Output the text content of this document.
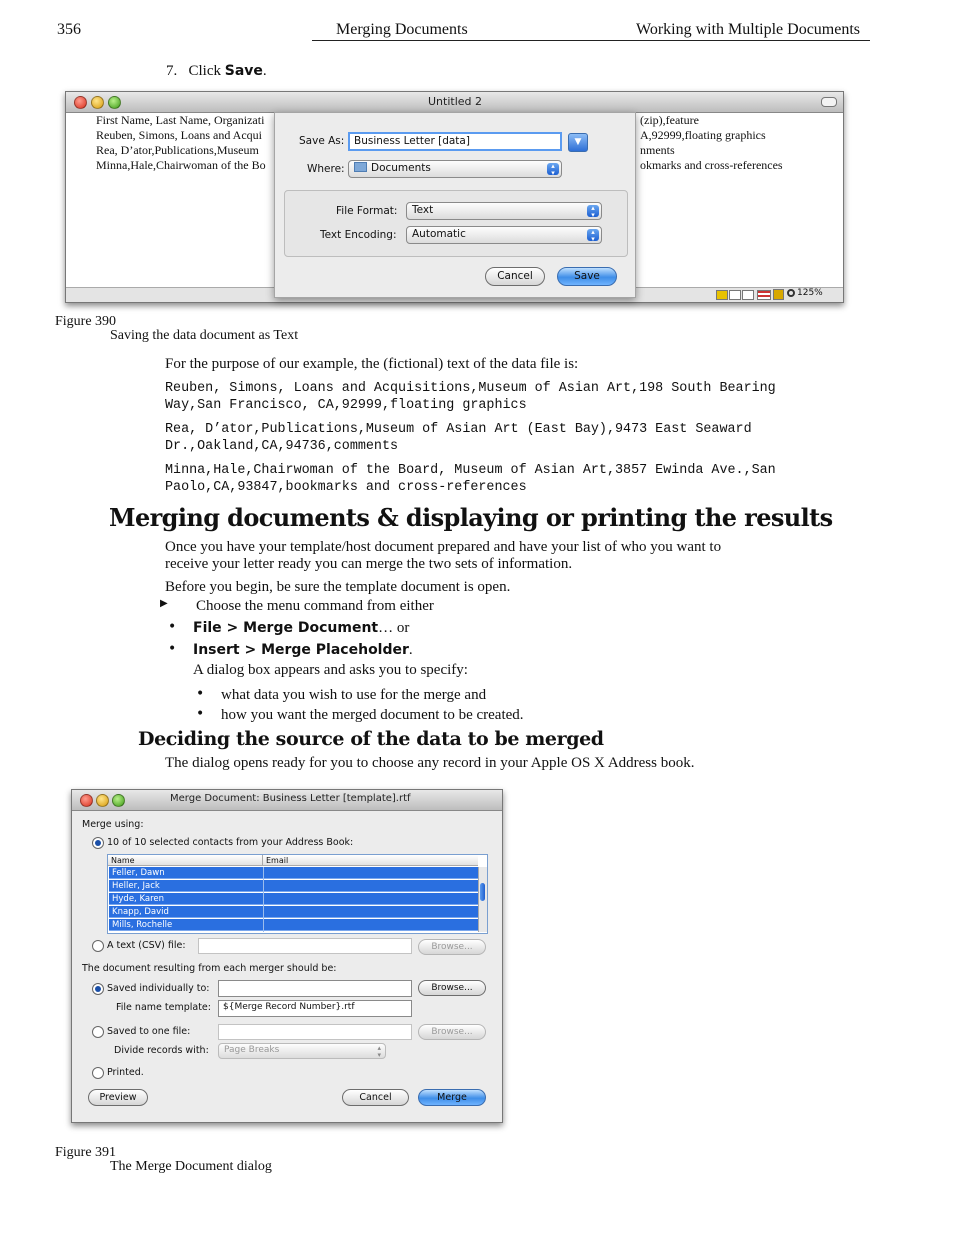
356	Merging Documents	Working with Multiple Documents
7. Click Save.
Untitled 2
First Name, Last Name, Organizati
Reuben, Simons, Loans and Acqui
Rea, D’ator,Publications,Museum
Minna,Hale,Chairwoman of the Bo
(zip),feature
A,92999,floating graphics
nments
okmarks and cross-references
125%
Save As: Business Letter [data]	▼
Where:	Documents	▴
▾
File Format:	Text	▴
▾
Text Encoding:	Automatic	▴
▾
Cancel	Save
Figure 390
Saving the data document as Text
For the purpose of our example, the (fictional) text of the data file is:
Reuben, Simons, Loans and Acquisitions,Museum of Asian Art,198 South Bearing
Way,San Francisco, CA,92999,floating graphics
Rea, D’ator,Publications,Museum of Asian Art (East Bay),9473 East Seaward
Dr.,Oakland,CA,94736,comments
Minna,Hale,Chairwoman of the Board, Museum of Asian Art,3857 Ewinda Ave.,San
Paolo,CA,93847,bookmarks and cross-references
Merging documents & displaying or printing the results
Once you have your template/host document prepared and have your list of who you want to
receive your letter ready you can merge the two sets of information.
Before you begin, be sure the template document is open.
▶ Choose the menu command from either
• File > Merge Document… or
• Insert > Merge Placeholder.
A dialog box appears and asks you to specify:
• what data you wish to use for the merge and
• how you want the merged document to be created.
Deciding the source of the data to be merged
The dialog opens ready for you to choose any record in your Apple OS X Address book.
Merge Document: Business Letter [template].rtf
Merge using:
10 of 10 selected contacts from your Address Book:
Name	Email
Feller, Dawn
Heller, Jack
Hyde, Karen
Knapp, David
Mills, Rochelle
A text (CSV) file:	Browse...
The document resulting from each merger should be:
Saved individually to:	Browse...
File name template:	${Merge Record Number}.rtf
Saved to one file:	Browse...
Divide records with:	Page Breaks	▴
▾
Printed.
Preview	Cancel	Merge
Figure 391
The Merge Document dialog
